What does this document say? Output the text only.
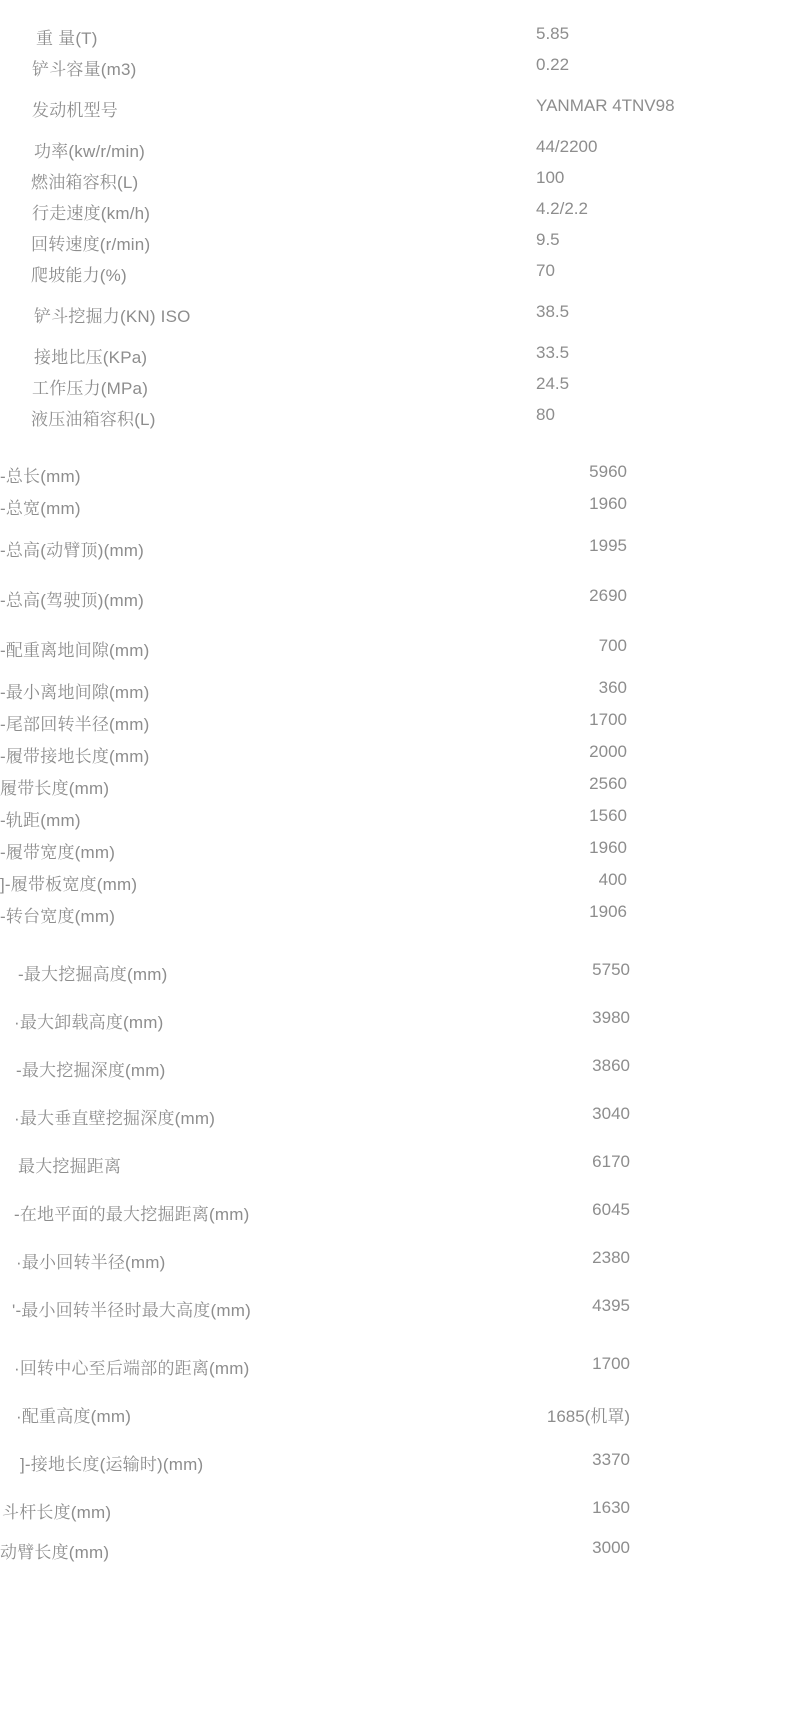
重 量(T)	5.85
铲斗容量(m3)	0.22
发动机型号	YANMAR 4TNV98
功率(kw/r/min)	44/2200
燃油箱容积(L)	100
行走速度(km/h)	4.2/2.2
回转速度(r/min)	9.5
爬坡能力(%)	70
铲斗挖掘力(KN) ISO	38.5
接地比压(KPa)	33.5
工作压力(MPa)	24.5
液压油箱容积(L)	80
-总长(mm)	5960
-总宽(mm)	1960
-总高(动臂顶)(mm)	1995
-总高(驾驶顶)(mm)	2690
-配重离地间隙(mm)	700
-最小离地间隙(mm)	360
-尾部回转半径(mm)	1700
-履带接地长度(mm)	2000
履带长度(mm)	2560
-轨距(mm)	1560
-履带宽度(mm)	1960
]-履带板宽度(mm)	400
-转台宽度(mm)	1906
-最大挖掘高度(mm)	5750
·最大卸载高度(mm)	3980
-最大挖掘深度(mm)	3860
·最大垂直壁挖掘深度(mm)	3040
最大挖掘距离	6170
-在地平面的最大挖掘距离(mm)	6045
·最小回转半径(mm)	2380
'-最小回转半径时最大高度(mm)	4395
·回转中心至后端部的距离(mm)	1700
·配重高度(mm)	1685(机罩)
]-接地长度(运输时)(mm)	3370
斗杆长度(mm)	1630
动臂长度(mm)	3000
